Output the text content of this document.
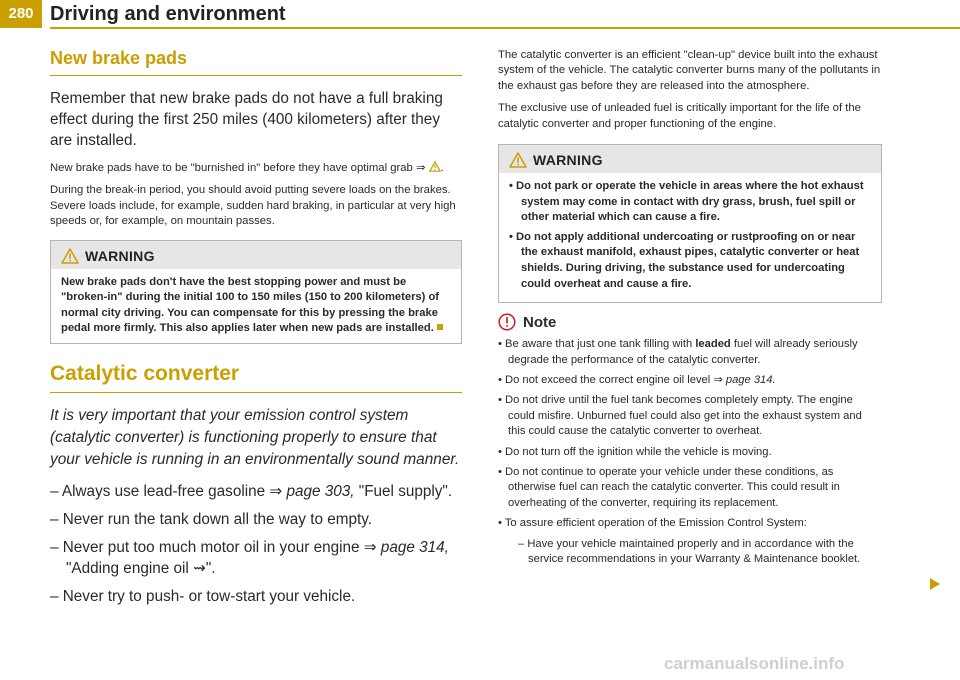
280 Driving and environment
New brake pads

Remember that new brake pads do not have a full braking effect during the first 250 miles (400 kilometers) after they are installed.

New brake pads have to be "burnished in" before they have optimal grab ⇒ .

During the break-in period, you should avoid putting severe loads on the brakes. Severe loads include, for example, sudden hard braking, in particular at very high speeds or, for example, on mountain passes.

WARNING

New brake pads don't have the best stopping power and must be "broken-in" during the initial 100 to 150 miles (150 to 200 kilometers) of normal city driving. You can compensate for this by pressing the brake pedal more firmly. This also applies later when new pads are installed.

Catalytic converter

It is very important that your emission control system (catalytic converter) is functioning properly to ensure that your vehicle is running in an environmentally sound manner.

– Always use lead-free gasoline ⇒ page 303, "Fuel supply".
– Never run the tank down all the way to empty.
– Never put too much motor oil in your engine ⇒ page 314, "Adding engine oil ⇝".
– Never try to push- or tow-start your vehicle.

The catalytic converter is an efficient "clean-up" device built into the exhaust system of the vehicle. The catalytic converter burns many of the pollutants in the exhaust gas before they are released into the atmosphere.

The exclusive use of unleaded fuel is critically important for the life of the catalytic converter and proper functioning of the engine.

WARNING

• Do not park or operate the vehicle in areas where the hot exhaust system may come in contact with dry grass, brush, fuel spill or other material which can cause a fire.

• Do not apply additional undercoating or rustproofing on or near the exhaust manifold, exhaust pipes, catalytic converter or heat shields. During driving, the substance used for undercoating could overheat and cause a fire.

Note

• Be aware that just one tank filling with leaded fuel will already seriously degrade the performance of the catalytic converter.

• Do not exceed the correct engine oil level ⇒ page 314.

• Do not drive until the fuel tank becomes completely empty. The engine could misfire. Unburned fuel could also get into the exhaust system and this could cause the catalytic converter to overheat.

• Do not turn off the ignition while the vehicle is moving.

• Do not continue to operate your vehicle under these conditions, as otherwise fuel can reach the catalytic converter. This could result in overheating of the converter, requiring its replacement.

• To assure efficient operation of the Emission Control System:

– Have your vehicle maintained properly and in accordance with the service recommendations in your Warranty & Maintenance booklet.

carmanualsonline.info
